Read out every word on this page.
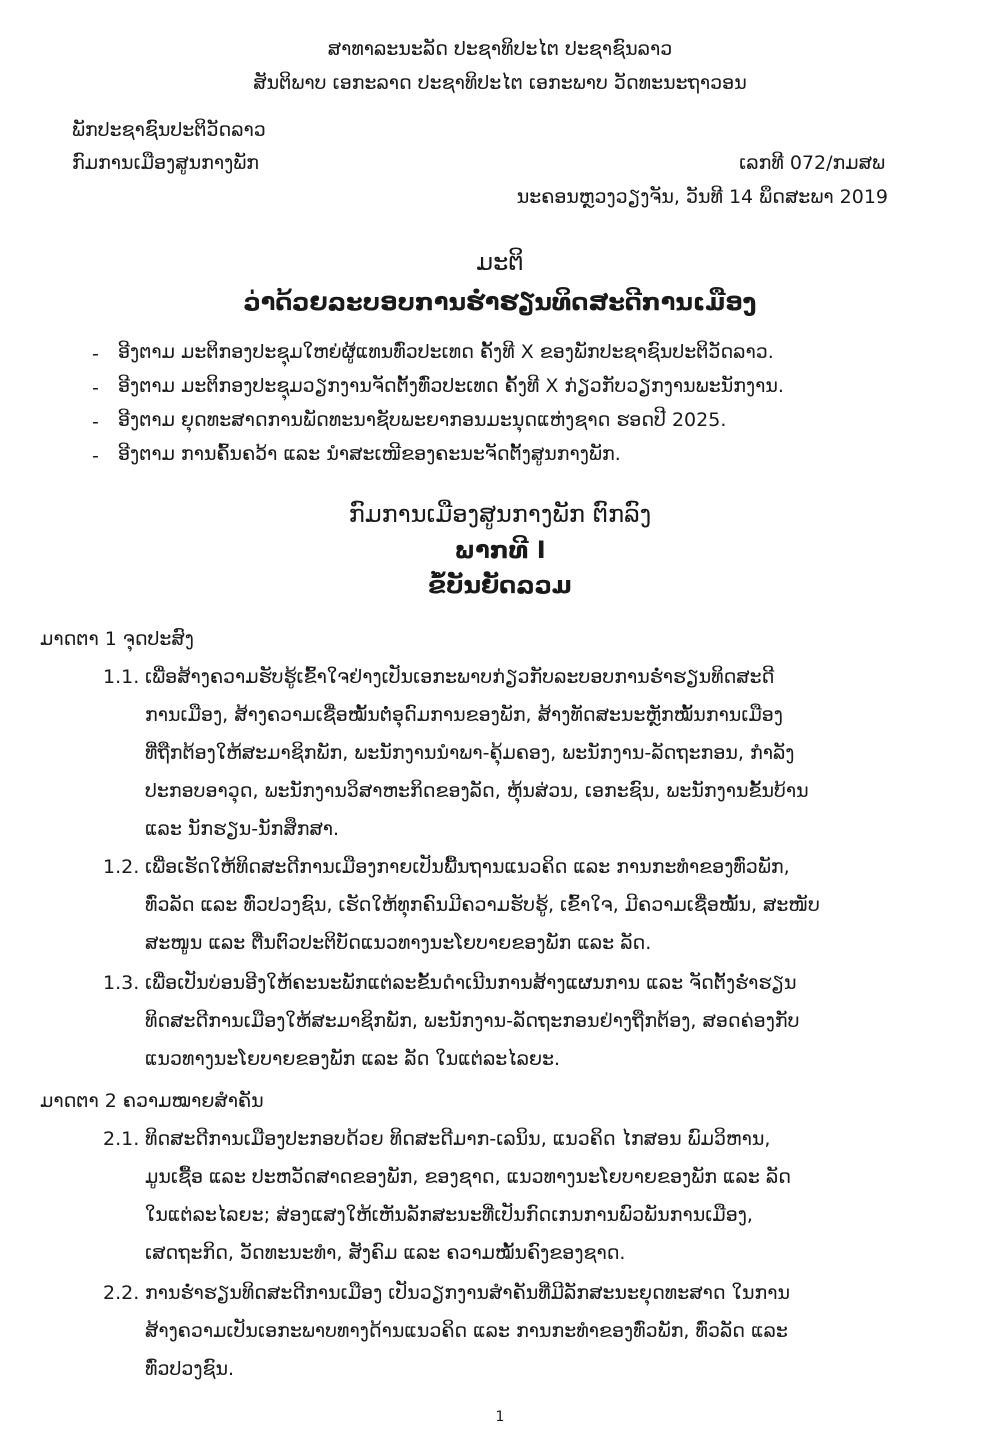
ສາທາລະນະລັດ ປະຊາທິປະໄຕ ປະຊາຊົນລາວ
ສັນຕິພາບ ເອກະລາດ ປະຊາທິປະໄຕ ເອກະພາບ ວັດທະນະຖາວອນ
ພັກປະຊາຊົນປະຕິວັດລາວ
ກົມການເມືອງສູນກາງພັກ	ເລກທີ 072/ກມສພ
ນະຄອນຫຼວງວຽງຈັນ, ວັນທີ 14 ພຶດສະພາ 2019
ມະຕິ
ວ່າດ້ວຍລະບອບການຮ່ຳຮຽນທິດສະດີການເມືອງ
- ອີງຕາມ ມະຕິກອງປະຊຸມໃຫຍ່ຜູ້ແທນທົ່ວປະເທດ ຄັ້ງທີ X ຂອງພັກປະຊາຊົນປະຕິວັດລາວ.
- ອີງຕາມ ມະຕິກອງປະຊຸມວຽກງານຈັດຕັ້ງທົ່ວປະເທດ ຄັ້ງທີ X ກ່ຽວກັບວຽກງານພະນັກງານ.
- ອີງຕາມ ຍຸດທະສາດການພັດທະນາຊັບພະຍາກອນມະນຸດແຫ່ງຊາດ ຮອດປີ 2025.
- ອີງຕາມ ການຄົ້ນຄວ້າ ແລະ ນຳສະເໜີຂອງຄະນະຈັດຕັ້ງສູນກາງພັກ.
ກົມການເມືອງສູນກາງພັກ ຕົກລົງ
ພາກທີ I
ຂໍ້ບັນຍັດລວມ
ມາດຕາ 1 ຈຸດປະສົງ
1.1. ເພື່ອສ້າງຄວາມຮັບຮູ້ເຂົ້າໃຈຢ່າງເປັນເອກະພາບກ່ຽວກັບລະບອບການຮ່ຳຮຽນທິດສະດີ
ການເມືອງ, ສ້າງຄວາມເຊື່ອໝັ້ນຕໍ່ອຸດົມການຂອງພັກ, ສ້າງທັດສະນະຫຼັກໝັ້ນການເມືອງ
ທີ່ຖືກຕ້ອງໃຫ້ສະມາຊິກພັກ, ພະນັກງານນຳພາ-ຄຸ້ມຄອງ, ພະນັກງານ-ລັດຖະກອນ, ກຳລັງ
ປະກອບອາວຸດ, ພະນັກງານວິສາຫະກິດຂອງລັດ, ຫຸ້ນສ່ວນ, ເອກະຊົນ, ພະນັກງານຂັ້ນບ້ານ
ແລະ ນັກຮຽນ-ນັກສຶກສາ.
1.2. ເພື່ອເຮັດໃຫ້ທິດສະດີການເມືອງກາຍເປັນພື້ນຖານແນວຄິດ ແລະ ການກະທຳຂອງທົ່ວພັກ,
ທົ່ວລັດ ແລະ ທົ່ວປວງຊົນ, ເຮັດໃຫ້ທຸກຄົນມີຄວາມຮັບຮູ້, ເຂົ້າໃຈ, ມີຄວາມເຊື່ອໝັ້ນ, ສະໜັບ
ສະໜູນ ແລະ ຕື່ນຕົວປະຕິບັດແນວທາງນະໂຍບາຍຂອງພັກ ແລະ ລັດ.
1.3. ເພື່ອເປັນບ່ອນອີງໃຫ້ຄະນະພັກແຕ່ລະຂັ້ນດຳເນີນການສ້າງແຜນການ ແລະ ຈັດຕັ້ງຮ່ຳຮຽນ
ທິດສະດີການເມືອງໃຫ້ສະມາຊິກພັກ, ພະນັກງານ-ລັດຖະກອນຢ່າງຖືກຕ້ອງ, ສອດຄ່ອງກັບ
ແນວທາງນະໂຍບາຍຂອງພັກ ແລະ ລັດ ໃນແຕ່ລະໄລຍະ.
ມາດຕາ 2 ຄວາມໝາຍສຳຄັນ
2.1. ທິດສະດີການເມືອງປະກອບດ້ວຍ ທິດສະດີມາກ-ເລນິນ, ແນວຄິດ ໄກສອນ ພົມວິຫານ,
ມູນເຊື້ອ ແລະ ປະຫວັດສາດຂອງພັກ, ຂອງຊາດ, ແນວທາງນະໂຍບາຍຂອງພັກ ແລະ ລັດ
ໃນແຕ່ລະໄລຍະ; ສ່ອງແສງໃຫ້ເຫັນລັກສະນະທີ່ເປັນກົດເກນການພົວພັນການເມືອງ,
ເສດຖະກິດ, ວັດທະນະທຳ, ສັງຄົມ ແລະ ຄວາມໝັ້ນຄົງຂອງຊາດ.
2.2. ການຮ່ຳຮຽນທິດສະດີການເມືອງ ເປັນວຽກງານສຳຄັນທີ່ມີລັກສະນະຍຸດທະສາດ ໃນການ
ສ້າງຄວາມເປັນເອກະພາບທາງດ້ານແນວຄິດ ແລະ ການກະທຳຂອງທົ່ວພັກ, ທົ່ວລັດ ແລະ
ທົ່ວປວງຊົນ.
1
